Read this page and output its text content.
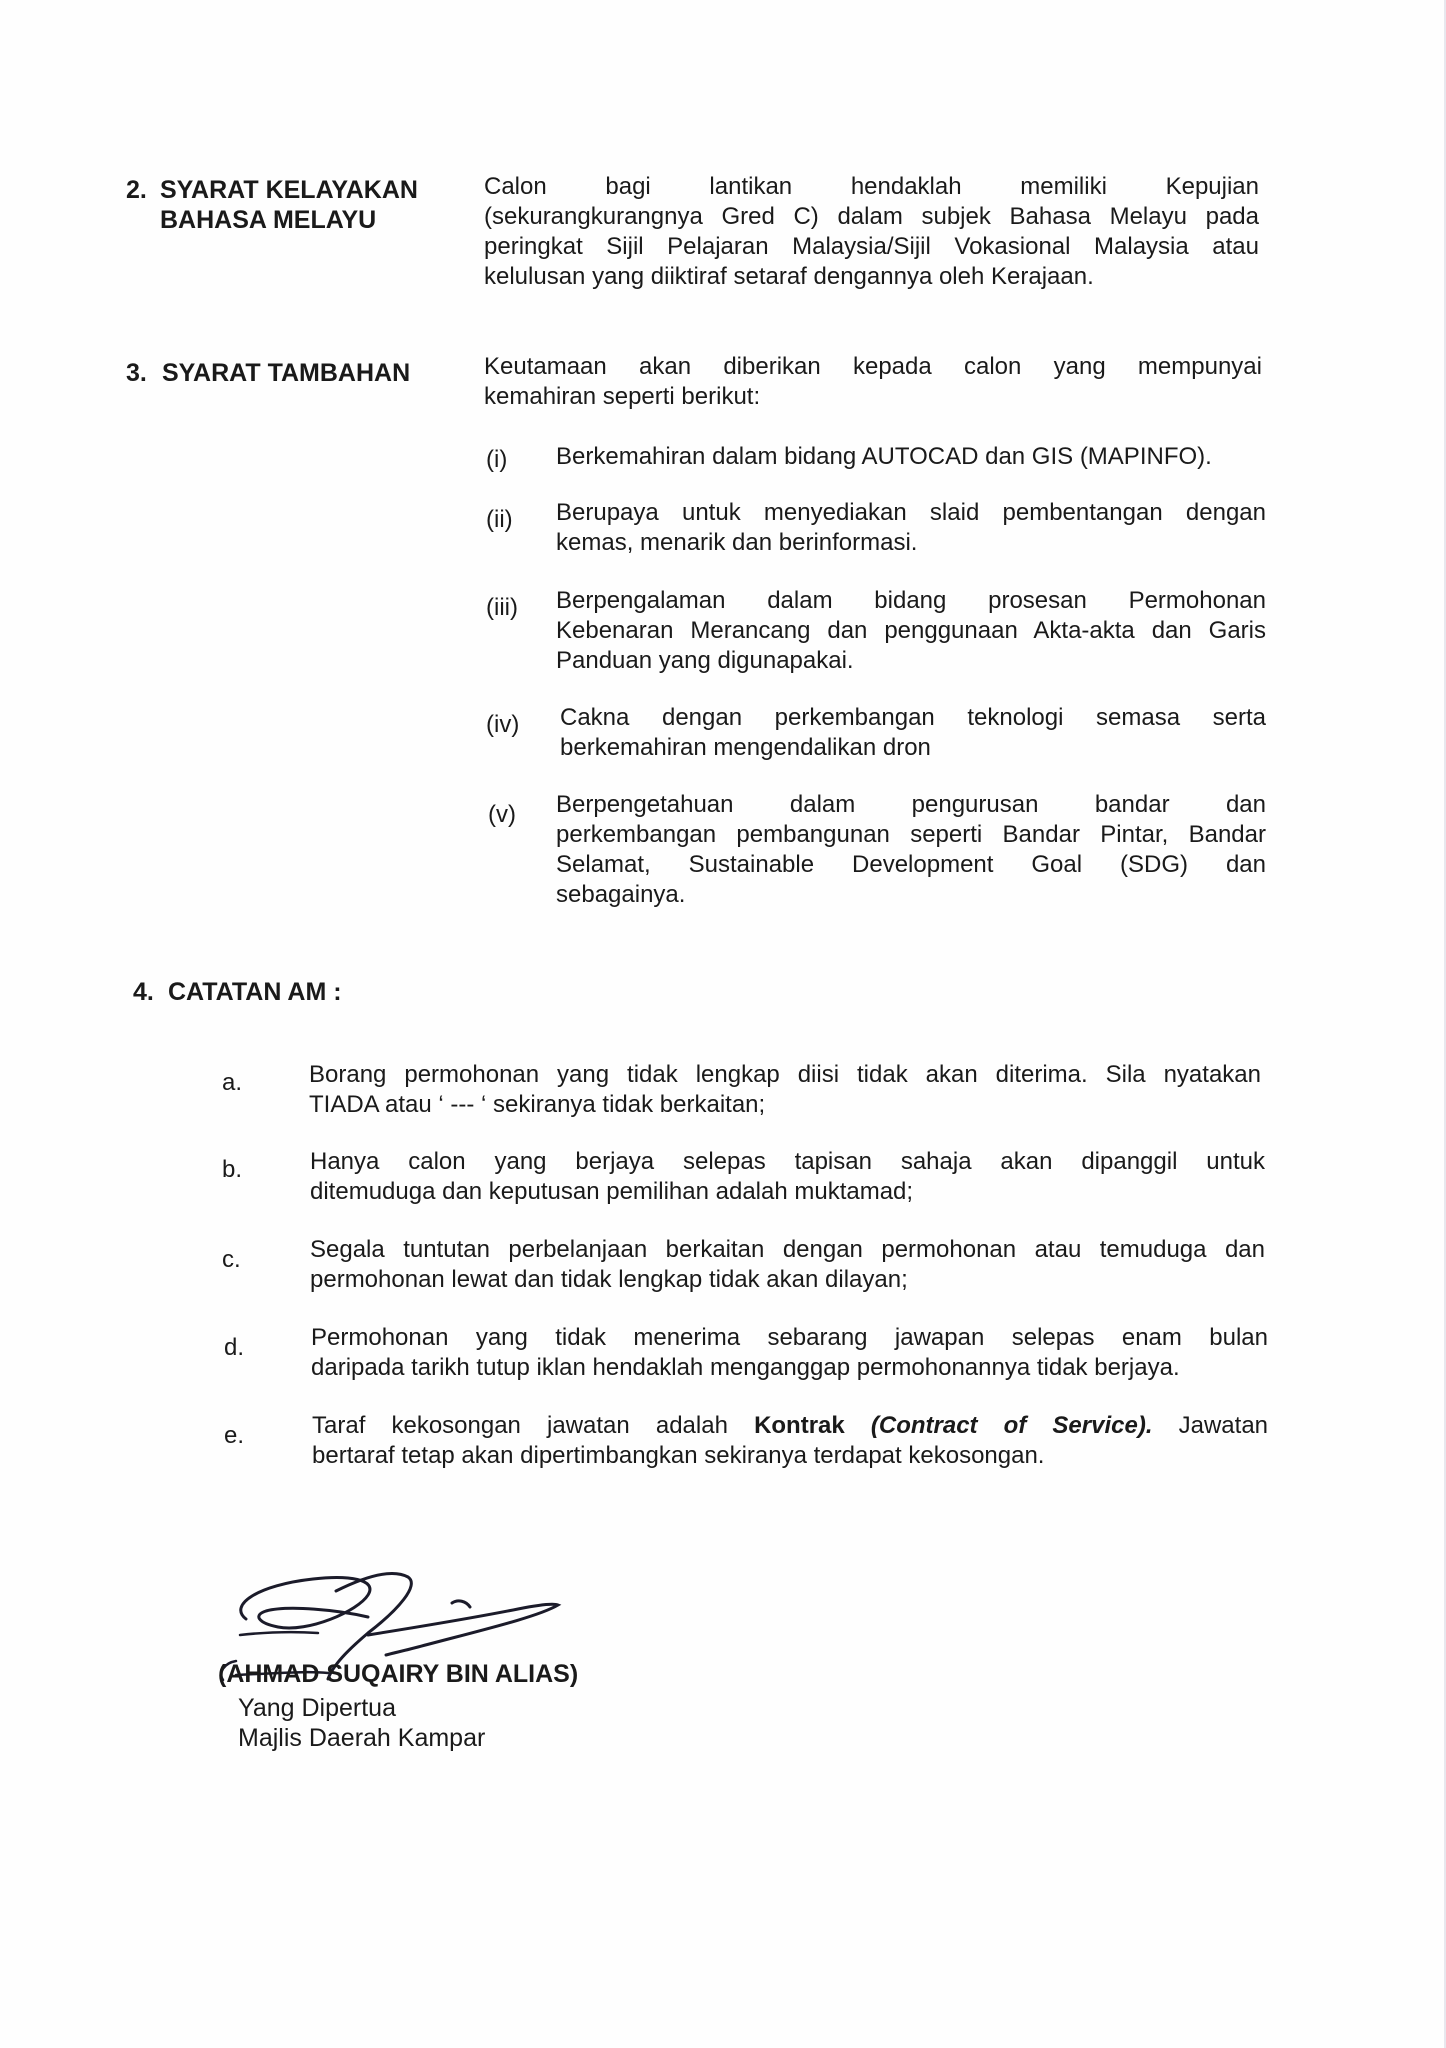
2. SYARAT KELAYAKAN
BAHASA MELAYU
Calon bagi lantikan hendaklah memiliki Kepujian
(sekurangkurangnya Gred C) dalam subjek Bahasa Melayu pada
peringkat Sijil Pelajaran Malaysia/Sijil Vokasional Malaysia atau
kelulusan yang diiktiraf setaraf dengannya oleh Kerajaan.
3. SYARAT TAMBAHAN	Keutamaan akan diberikan kepada calon yang mempunyai
kemahiran seperti berikut:
(i) Berkemahiran dalam bidang AUTOCAD dan GIS (MAPINFO).
(ii) Berupaya untuk menyediakan slaid pembentangan dengan
kemas, menarik dan berinformasi.
(iii) Berpengalaman dalam bidang prosesan Permohonan
Kebenaran Merancang dan penggunaan Akta-akta dan Garis
Panduan yang digunapakai.
(iv) Cakna dengan perkembangan teknologi semasa serta
berkemahiran mengendalikan dron
(v) Berpengetahuan dalam pengurusan bandar dan
perkembangan pembangunan seperti Bandar Pintar, Bandar
Selamat, Sustainable Development Goal (SDG) dan
sebagainya.
4. CATATAN AM :
a.	Borang permohonan yang tidak lengkap diisi tidak akan diterima. Sila nyatakan
TIADA atau ‘ --- ‘ sekiranya tidak berkaitan;
b.	Hanya calon yang berjaya selepas tapisan sahaja akan dipanggil untuk
ditemuduga dan keputusan pemilihan adalah muktamad;
c.	Segala tuntutan perbelanjaan berkaitan dengan permohonan atau temuduga dan
permohonan lewat dan tidak lengkap tidak akan dilayan;
d.	Permohonan yang tidak menerima sebarang jawapan selepas enam bulan
daripada tarikh tutup iklan hendaklah menganggap permohonannya tidak berjaya.
e.	Taraf kekosongan jawatan adalah Kontrak (Contract of Service). Jawatan
bertaraf tetap akan dipertimbangkan sekiranya terdapat kekosongan.
(AHMAD SUQAIRY BIN ALIAS)
Yang Dipertua
Majlis Daerah Kampar
